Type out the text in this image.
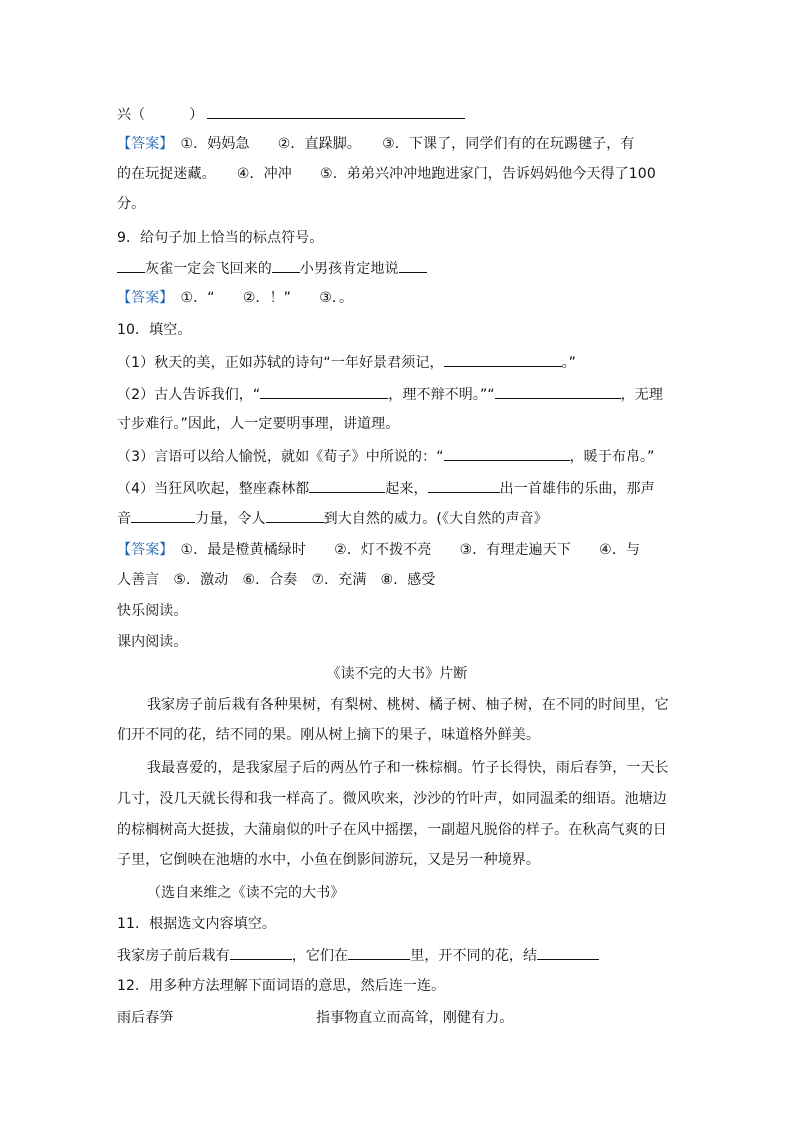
兴（	）
【答案】　 ①．妈妈急　　②．直跺脚。　　③．下课了，同学们有的在玩踢毽子，有
的在玩捉迷藏。　　④．冲冲　　⑤．弟弟兴冲冲地跑进家门，告诉妈妈他今天得了100
分。
9．给句子加上恰当的标点符号。
灰雀一定会飞回来的 小男孩肯定地说
【答案】　 ①．“　　②．！”　　③．。
10．填空。
（1）秋天的美，正如苏轼的诗句“一年好景君须记，	。”
（2）古人告诉我们，“	，理不辩不明。”“	，无理
寸步难行。”因此，人一定要明事理，讲道理。
（3）言语可以给人愉悦，就如《荀子》中所说的：“	，暖于布帛。”
（4）当狂风吹起，整座森林都	起来，	出一首雄伟的乐曲，那声
音	力量，令人	到大自然的威力。(《大自然的声音》
【答案】　 ①．最是橙黄橘绿时　　②．灯不拨不亮　　③．有理走遍天下　　④．与
人善言　⑤．激动　⑥．合奏　⑦．充满　⑧．感受
快乐阅读。
课内阅读。
《读不完的大书》片断
我家房子前后栽有各种果树，有梨树、桃树、橘子树、柚子树，在不同的时间里，它
们开不同的花，结不同的果。刚从树上摘下的果子，味道格外鲜美。
我最喜爱的，是我家屋子后的两丛竹子和一株棕榈。竹子长得快，雨后春笋，一天长
几寸，没几天就长得和我一样高了。微风吹来，沙沙的竹叶声，如同温柔的细语。池塘边
的棕榈树高大挺拔，大蒲扇似的叶子在风中摇摆，一副超凡脱俗的样子。在秋高气爽的日
子里，它倒映在池塘的水中，小鱼在倒影间游玩，又是另一种境界。
（选自来维之《读不完的大书》
11．根据选文内容填空。
我家房子前后栽有	，它们在	里，开不同的花，结
12．用多种方法理解下面词语的意思，然后连一连。
雨后春笋	指事物直立而高耸，刚健有力。
